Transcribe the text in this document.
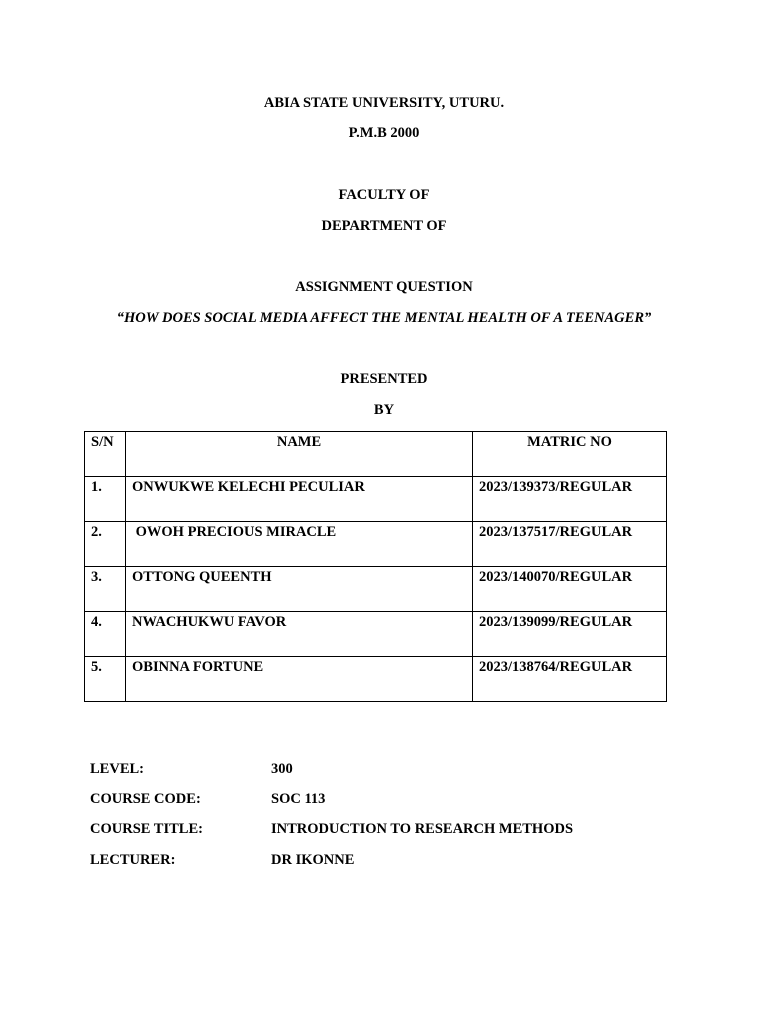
ABIA STATE UNIVERSITY, UTURU.
P.M.B 2000
FACULTY OF
DEPARTMENT OF
ASSIGNMENT QUESTION
“HOW DOES SOCIAL MEDIA AFFECT THE MENTAL HEALTH OF A TEENAGER”
PRESENTED
BY
S/N	NAME	MATRIC NO
1.	ONWUKWE KELECHI PECULIAR	2023/139373/REGULAR
2.	OWOH PRECIOUS MIRACLE	2023/137517/REGULAR
3.	OTTONG QUEENTH	2023/140070/REGULAR
4.	NWACHUKWU FAVOR	2023/139099/REGULAR
5.	OBINNA FORTUNE	2023/138764/REGULAR
LEVEL:	300
COURSE CODE:	SOC 113
COURSE TITLE:	INTRODUCTION TO RESEARCH METHODS
LECTURER:	DR IKONNE
